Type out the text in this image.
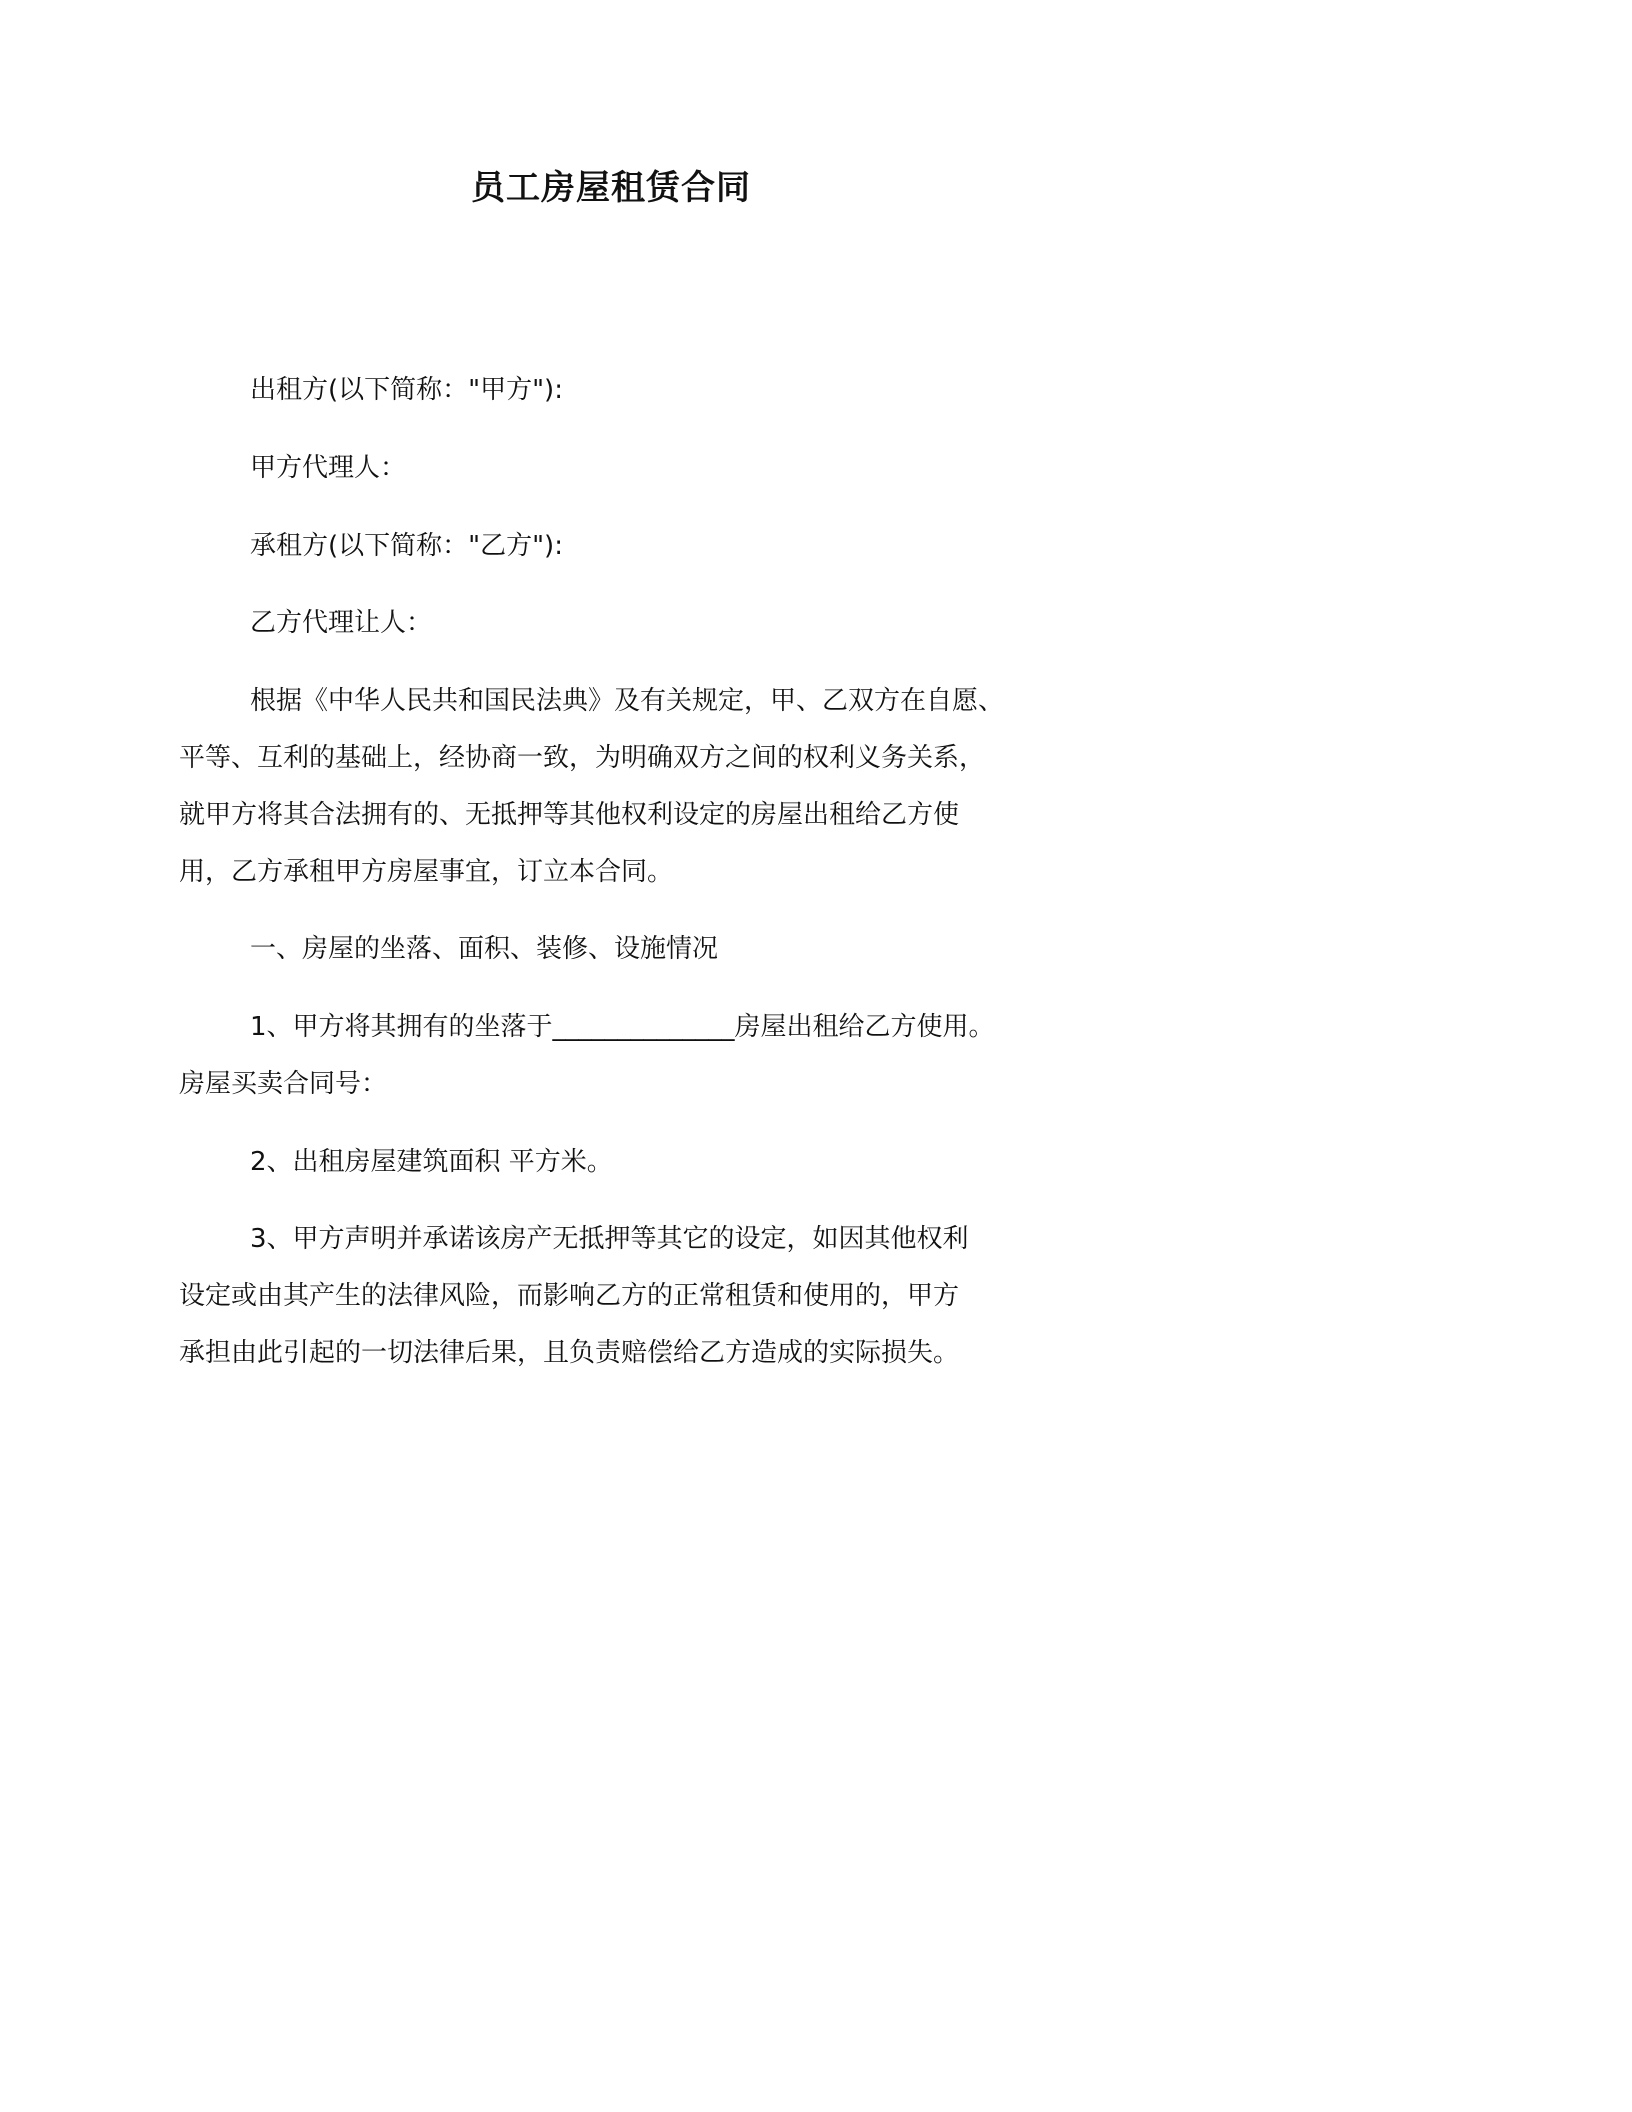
员工房屋租赁合同
出租方(以下简称："甲方"):
甲方代理人：
承租方(以下简称："乙方"):
乙方代理让人：
根据《中华人民共和国民法典》及有关规定，甲、乙双方在自愿、
平等、互利的基础上，经协商一致，为明确双方之间的权利义务关系，
就甲方将其合法拥有的、无抵押等其他权利设定的房屋出租给乙方使
用，乙方承租甲方房屋事宜，订立本合同。
一、房屋的坐落、面积、装修、设施情况
1、甲方将其拥有的坐落于______________房屋出租给乙方使用。
房屋买卖合同号：
2、出租房屋建筑面积 平方米。
3、甲方声明并承诺该房产无抵押等其它的设定，如因其他权利
设定或由其产生的法律风险，而影响乙方的正常租赁和使用的，甲方
承担由此引起的一切法律后果，且负责赔偿给乙方造成的实际损失。
